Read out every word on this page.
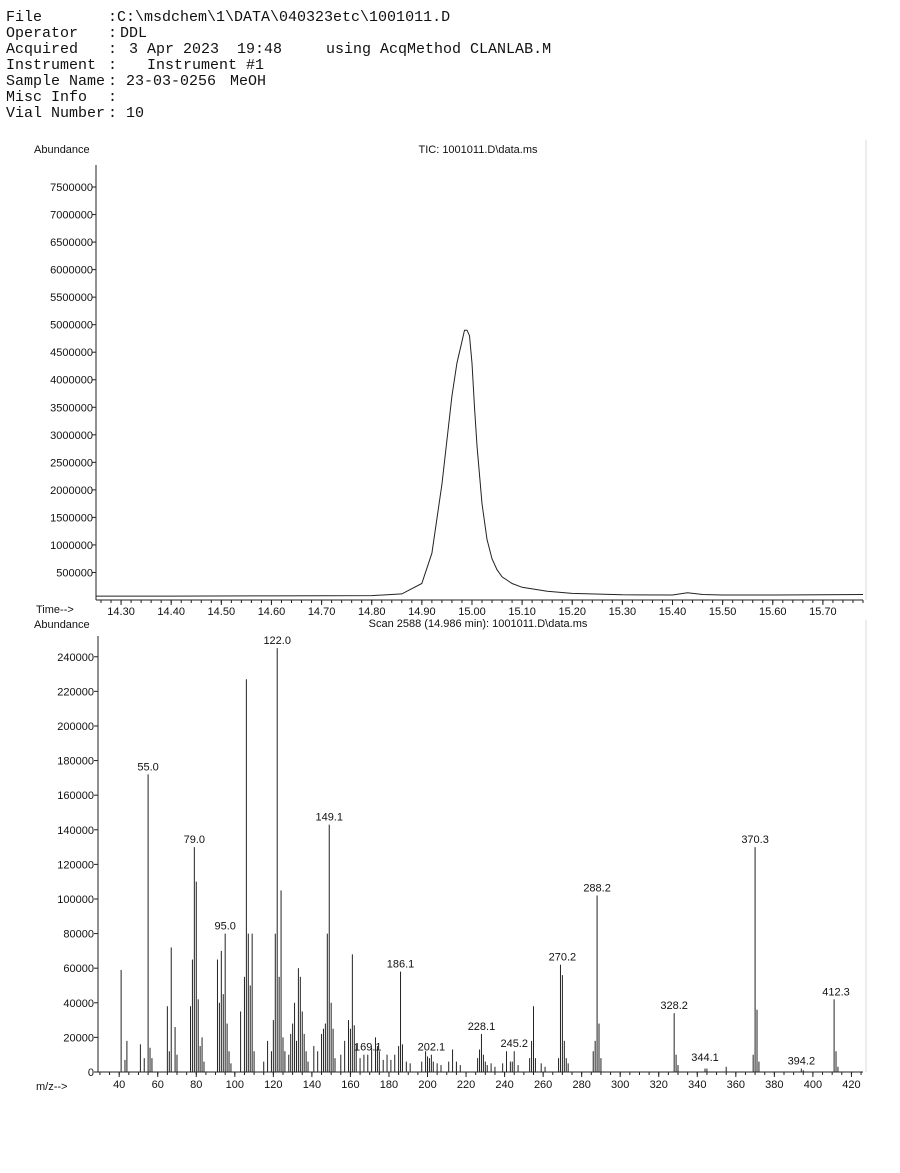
File	:C:\msdchem\1\DATA\040323etc\1001011.D
Operator : DDL
Acquired : 3 Apr 2023  19:48	using AcqMethod CLANLAB.M
Instrument :   Instrument #1
Sample Name : 23-03-0256 MeOH
Misc Info :
Vial Number : 10
Abundance	TIC: 1001011.D\data.ms
Time-->
500000
1000000
1500000
2000000
2500000
3000000
3500000
4000000
4500000
5000000
5500000
6000000
6500000
7000000
7500000
14.30 14.40 14.50 14.60 14.70 14.80 14.90 15.00 15.10 15.20 15.30 15.40 15.50 15.60 15.70
Abundance	Scan 2588 (14.986 min): 1001011.D\data.ms
m/z-->
0
20000
40000
60000
80000
100000
120000
140000
160000
180000
200000
220000
240000
40 60 80 100 120 140 160 180 200 220 240 260 280 300 320 340 360 380 400 420
55.0
79.0
95.0
122.0
149.1
169.1
186.1
202.1
228.1
245.2
270.2
288.2
328.2
344.1
370.3
394.2
412.3
